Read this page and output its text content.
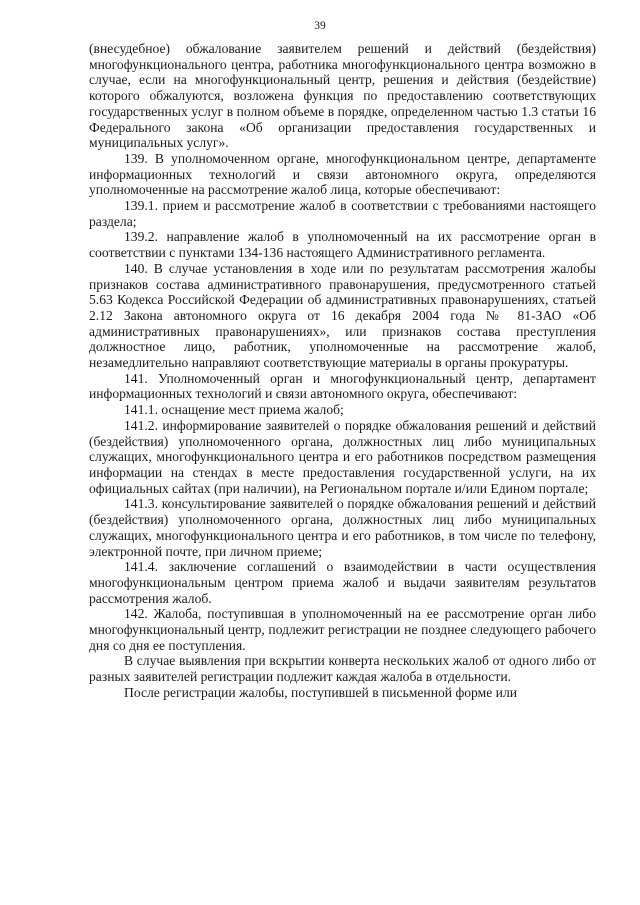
39

(внесудебное) обжалование заявителем решений и действий (бездействия) многофункционального центра, работника многофункционального центра возможно в случае, если на многофункциональный центр, решения и действия (бездействие) которого обжалуются, возложена функция по предоставлению соответствующих государственных услуг в полном объеме в порядке, определенном частью 1.3 статьи 16 Федерального закона «Об организации предоставления государственных и муниципальных услуг».

139. В уполномоченном органе, многофункциональном центре, департаменте информационных технологий и связи автономного округа, определяются уполномоченные на рассмотрение жалоб лица, которые обеспечивают:

139.1. прием и рассмотрение жалоб в соответствии с требованиями настоящего раздела;

139.2. направление жалоб в уполномоченный на их рассмотрение орган в соответствии с пунктами 134-136 настоящего Административного регламента.

140. В случае установления в ходе или по результатам рассмотрения жалобы признаков состава административного правонарушения, предусмотренного статьей 5.63 Кодекса Российской Федерации об административных правонарушениях, статьей 2.12 Закона автономного округа от 16 декабря 2004 года № 81-ЗАО «Об административных правонарушениях», или признаков состава преступления должностное лицо, работник, уполномоченные на рассмотрение жалоб, незамедлительно направляют соответствующие материалы в органы прокуратуры.

141. Уполномоченный орган и многофункциональный центр, департамент информационных технологий и связи автономного округа, обеспечивают:

141.1. оснащение мест приема жалоб;

141.2. информирование заявителей о порядке обжалования решений и действий (бездействия) уполномоченного органа, должностных лиц либо муниципальных служащих, многофункционального центра и его работников посредством размещения информации на стендах в месте предоставления государственной услуги, на их официальных сайтах (при наличии), на Региональном портале и/или Едином портале;

141.3. консультирование заявителей о порядке обжалования решений и действий (бездействия) уполномоченного органа, должностных лиц либо муниципальных служащих, многофункционального центра и его работников, в том числе по телефону, электронной почте, при личном приеме;

141.4. заключение соглашений о взаимодействии в части осуществления многофункциональным центром приема жалоб и выдачи заявителям результатов рассмотрения жалоб.

142. Жалоба, поступившая в уполномоченный на ее рассмотрение орган либо многофункциональный центр, подлежит регистрации не позднее следующего рабочего дня со дня ее поступления.

В случае выявления при вскрытии конверта нескольких жалоб от одного либо от разных заявителей регистрации подлежит каждая жалоба в отдельности.

После регистрации жалобы, поступившей в письменной форме или
